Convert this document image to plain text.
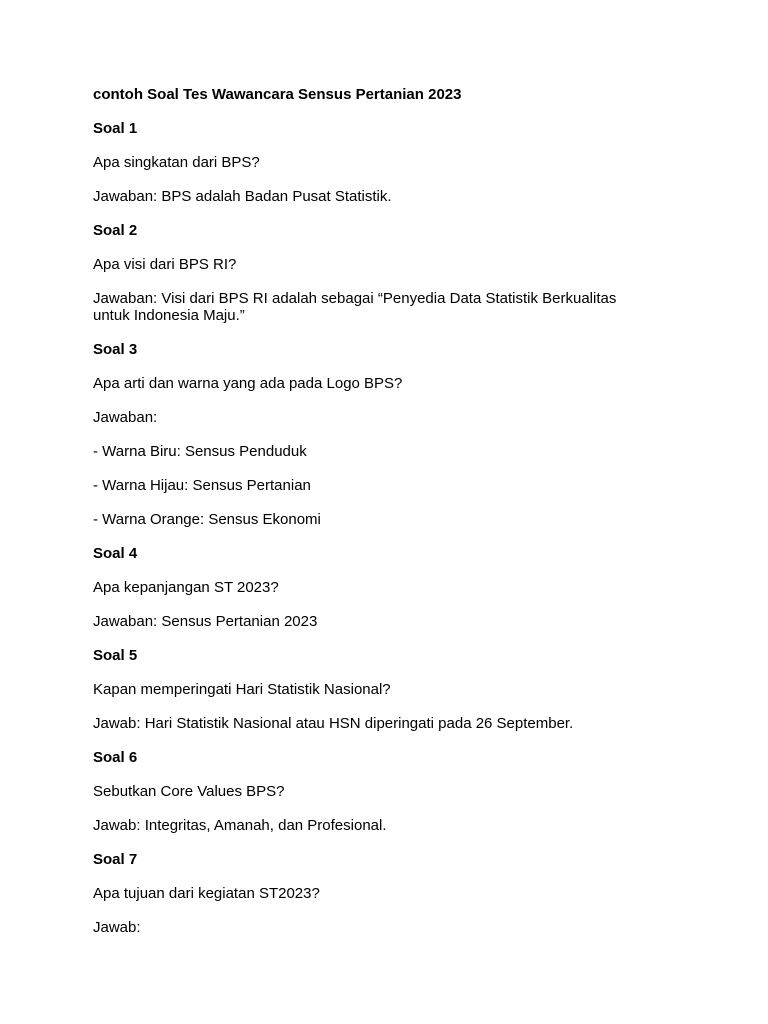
contoh Soal Tes Wawancara Sensus Pertanian 2023

Soal 1

Apa singkatan dari BPS?

Jawaban: BPS adalah Badan Pusat Statistik.

Soal 2

Apa visi dari BPS RI?

Jawaban: Visi dari BPS RI adalah sebagai “Penyedia Data Statistik Berkualitas

untuk Indonesia Maju.”

Soal 3

Apa arti dan warna yang ada pada Logo BPS?

Jawaban:

- Warna Biru: Sensus Penduduk

- Warna Hijau: Sensus Pertanian

- Warna Orange: Sensus Ekonomi

Soal 4

Apa kepanjangan ST 2023?

Jawaban: Sensus Pertanian 2023

Soal 5

Kapan memperingati Hari Statistik Nasional?

Jawab: Hari Statistik Nasional atau HSN diperingati pada 26 September.

Soal 6

Sebutkan Core Values BPS?

Jawab: Integritas, Amanah, dan Profesional.

Soal 7

Apa tujuan dari kegiatan ST2023?

Jawab:
